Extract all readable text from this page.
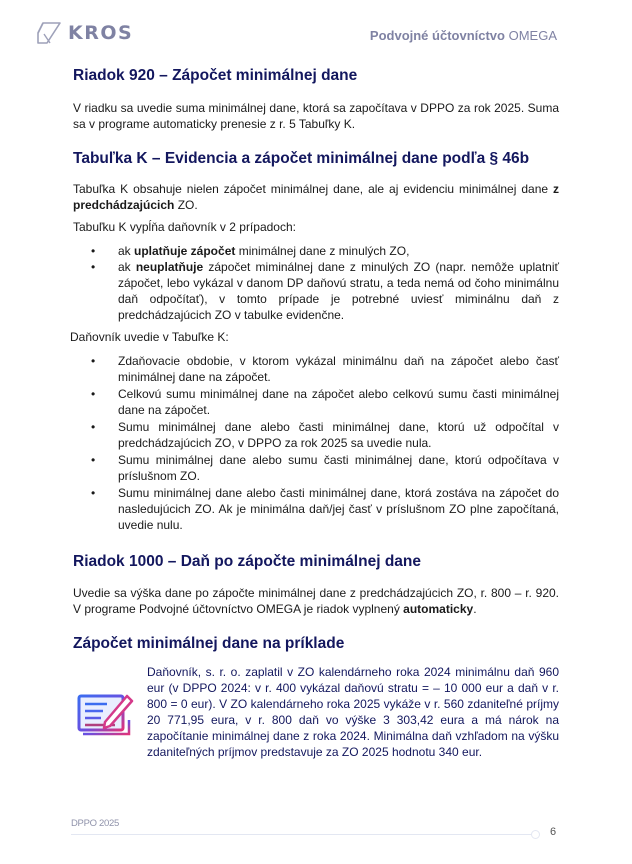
KROS	Podvojné účtovníctvo OMEGA
Riadok 920 – Zápočet minimálnej dane

V riadku sa uvedie suma minimálnej dane, ktorá sa započítava v DPPO za rok 2025. Suma sa v programe automaticky prenesie z r. 5 Tabuľky K.

Tabuľka K – Evidencia a zápočet minimálnej dane podľa § 46b

Tabuľka K obsahuje nielen zápočet minimálnej dane, ale aj evidenciu minimálnej dane z predchádzajúcich ZO.

Tabuľku K vypĺňa daňovník v 2 prípadoch:

• ak uplatňuje zápočet minimálnej dane z minulých ZO,
• ak neuplatňuje zápočet miminálnej dane z minulých ZO (napr. nemôže uplatniť zápočet, lebo vykázal v danom DP daňovú stratu, a teda nemá od čoho minimálnu daň odpočítať), v tomto prípade je potrebné uviesť miminálnu daň z predchádzajúcich ZO v tabulke evidenčne.

Daňovník uvedie v Tabuľke K:

• Zdaňovacie obdobie, v ktorom vykázal minimálnu daň na zápočet alebo časť minimálnej dane na zápočet.
• Celkovú sumu minimálnej dane na zápočet alebo celkovú sumu časti minimálnej dane na zápočet.
• Sumu minimálnej dane alebo časti minimálnej dane, ktorú už odpočítal v predchádzajúcich ZO, v DPPO za rok 2025 sa uvedie nula.
• Sumu minimálnej dane alebo sumu časti minimálnej dane, ktorú odpočítava v príslušnom ZO.
• Sumu minimálnej dane alebo časti minimálnej dane, ktorá zostáva na zápočet do nasledujúcich ZO. Ak je minimálna daň/jej časť v príslušnom ZO plne započítaná, uvedie nulu.
Riadok 1000 – Daň po zápočte minimálnej dane

Uvedie sa výška dane po zápočte minimálnej dane z predchádzajúcich ZO, r. 800 – r. 920. V programe Podvojné účtovníctvo OMEGA je riadok vyplnený automaticky.

Zápočet minimálnej dane na príklade
Daňovník, s. r. o. zaplatil v ZO kalendárneho roka 2024 minimálnu daň 960 eur (v DPPO 2024: v r. 400 vykázal daňovú stratu = – 10 000 eur a daň v r. 800 = 0 eur). V ZO kalendárneho roka 2025 vykáže v r. 560 zdaniteľné príjmy 20 771,95 eura, v r. 800 daň vo výške 3 303,42 eura a má nárok na započítanie minimálnej dane z roka 2024. Minimálna daň vzhľadom na výšku zdaniteľných príjmov predstavuje za ZO 2025 hodnotu 340 eur.
DPPO 2025
6
